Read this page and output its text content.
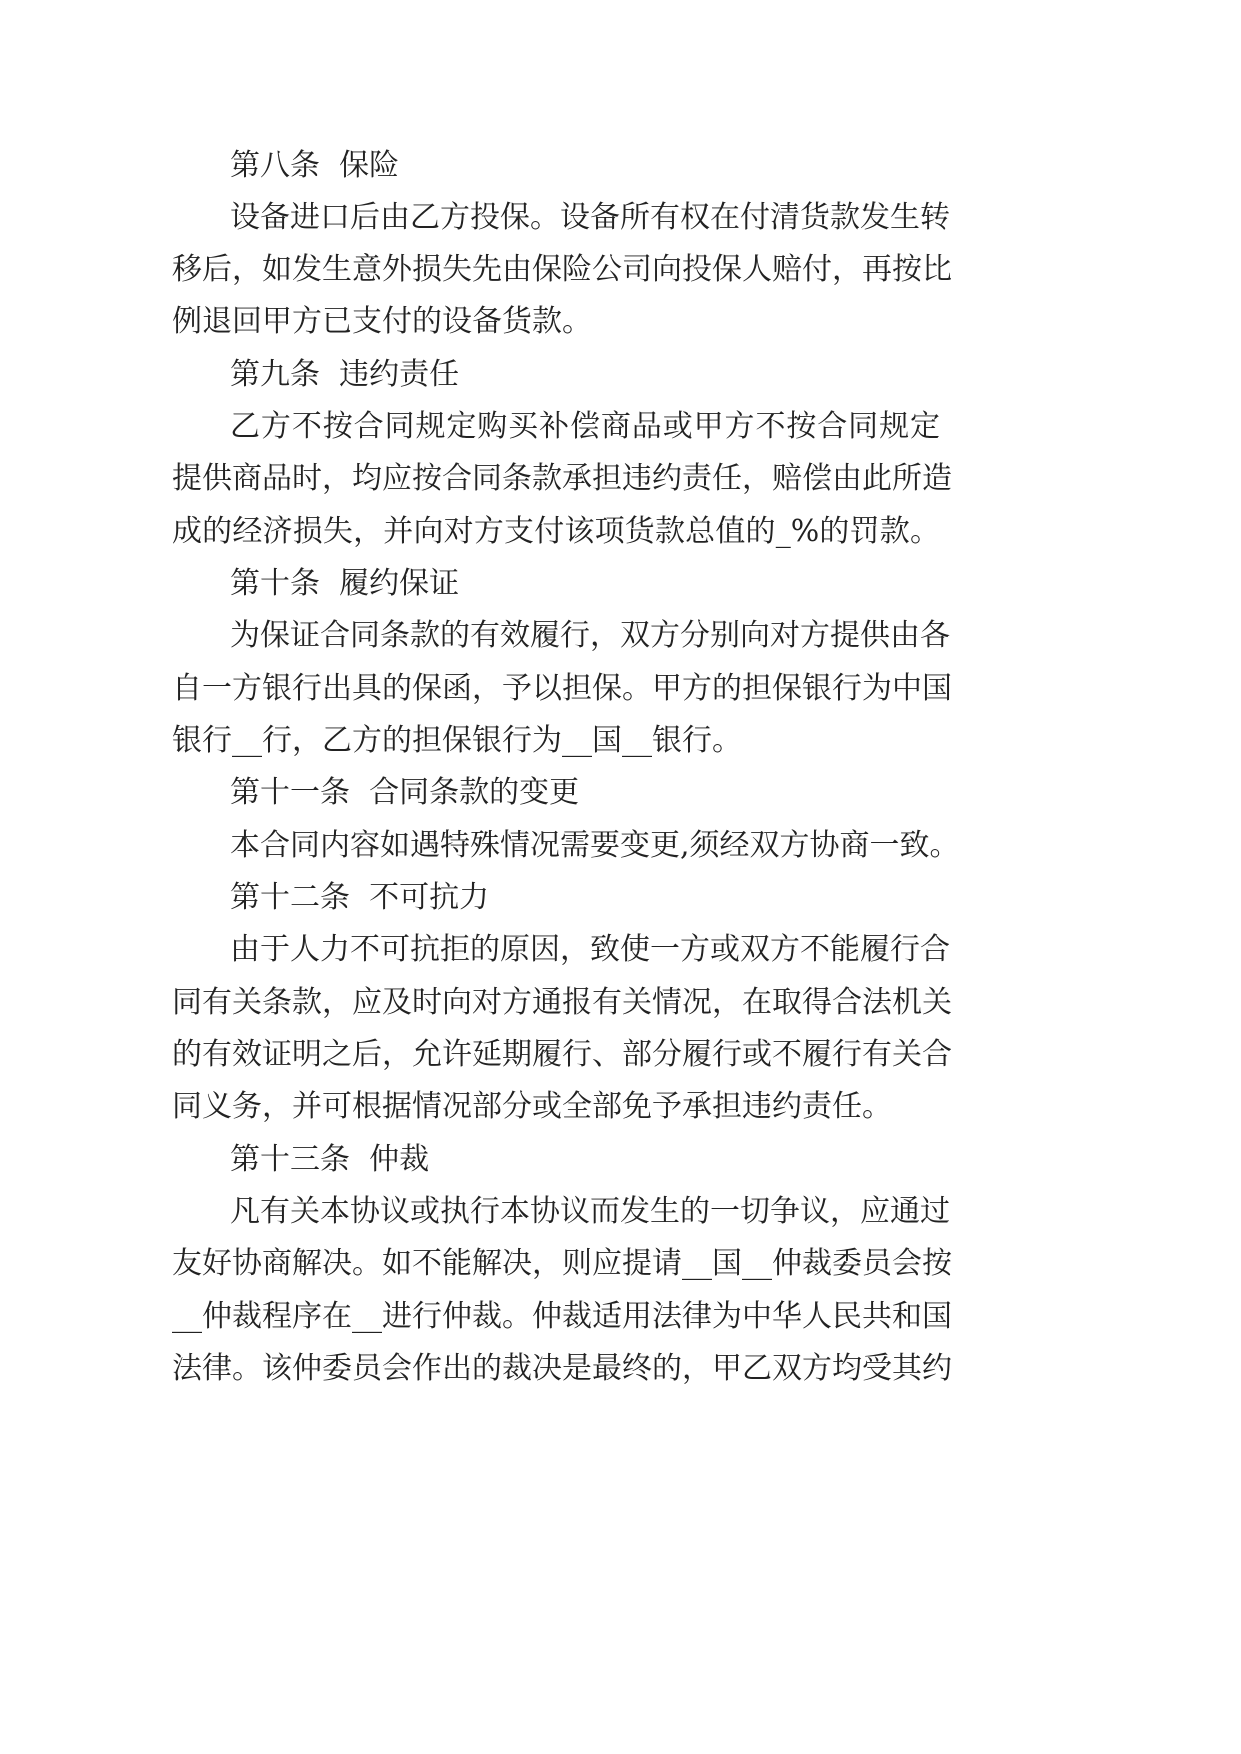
第八条  保险

设备进口后由乙方投保。设备所有权在付清货款发生转

移后，如发生意外损失先由保险公司向投保人赔付，再按比

例退回甲方已支付的设备货款。

第九条  违约责任

乙方不按合同规定购买补偿商品或甲方不按合同规定

提供商品时，均应按合同条款承担违约责任，赔偿由此所造

成的经济损失，并向对方支付该项货款总值的_%的罚款。

第十条  履约保证

为保证合同条款的有效履行，双方分别向对方提供由各

自一方银行出具的保函，予以担保。甲方的担保银行为中国

银行__行，乙方的担保银行为__国__银行。

第十一条  合同条款的变更

本合同内容如遇特殊情况需要变更,须经双方协商一致。

第十二条  不可抗力

由于人力不可抗拒的原因，致使一方或双方不能履行合

同有关条款，应及时向对方通报有关情况，在取得合法机关

的有效证明之后，允许延期履行、部分履行或不履行有关合

同义务，并可根据情况部分或全部免予承担违约责任。

第十三条  仲裁

凡有关本协议或执行本协议而发生的一切争议，应通过

友好协商解决。如不能解决，则应提请__国__仲裁委员会按

__仲裁程序在__进行仲裁。仲裁适用法律为中华人民共和国

法律。该仲委员会作出的裁决是最终的，甲乙双方均受其约
